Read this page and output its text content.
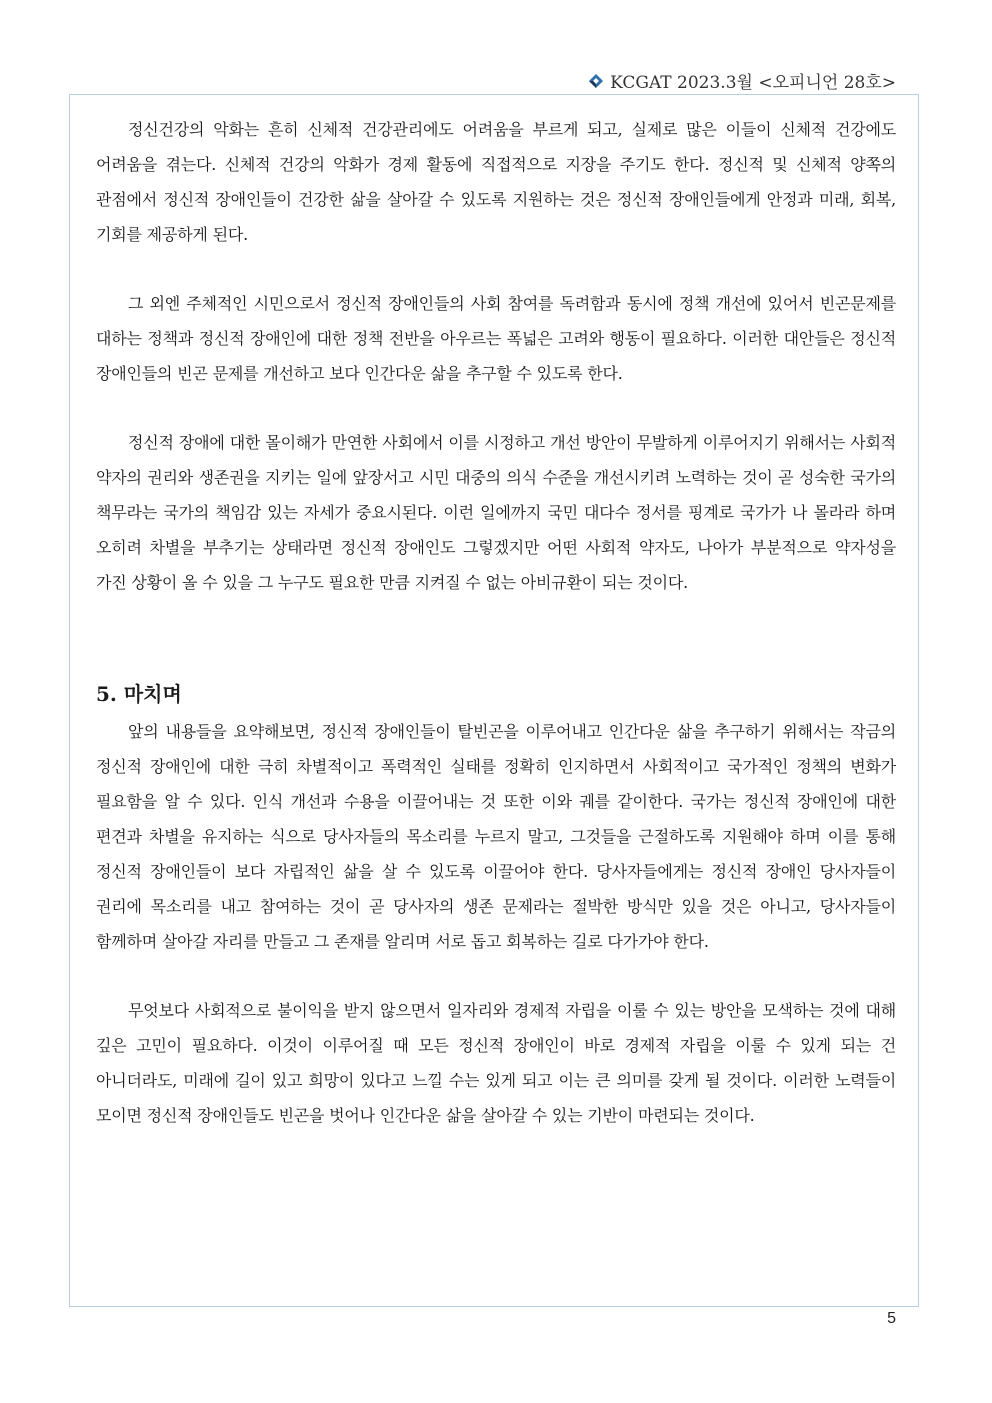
KCGAT 2023.3월 <오피니언 28호>

정신건강의 악화는 흔히 신체적 건강관리에도 어려움을 부르게 되고, 실제로 많은 이들이 신체적 건강에도 어려움을 겪는다. 신체적 건강의 악화가 경제 활동에 직접적으로 지장을 주기도 한다. 정신적 및 신체적 양쪽의 관점에서 정신적 장애인들이 건강한 삶을 살아갈 수 있도록 지원하는 것은 정신적 장애인들에게 안정과 미래, 회복, 기회를 제공하게 된다.

그 외엔 주체적인 시민으로서 정신적 장애인들의 사회 참여를 독려함과 동시에 정책 개선에 있어서 빈곤문제를 대하는 정책과 정신적 장애인에 대한 정책 전반을 아우르는 폭넓은 고려와 행동이 필요하다. 이러한 대안들은 정신적 장애인들의 빈곤 문제를 개선하고 보다 인간다운 삶을 추구할 수 있도록 한다.

정신적 장애에 대한 몰이해가 만연한 사회에서 이를 시정하고 개선 방안이 무발하게 이루어지기 위해서는 사회적 약자의 권리와 생존권을 지키는 일에 앞장서고 시민 대중의 의식 수준을 개선시키려 노력하는 것이 곧 성숙한 국가의 책무라는 국가의 책임감 있는 자세가 중요시된다. 이런 일에까지 국민 대다수 정서를 핑계로 국가가 나 몰라라 하며 오히려 차별을 부추기는 상태라면 정신적 장애인도 그렇겠지만 어떤 사회적 약자도, 나아가 부분적으로 약자성을 가진 상황이 올 수 있을 그 누구도 필요한 만큼 지켜질 수 없는 아비규환이 되는 것이다.

5. 마치며

앞의 내용들을 요약해보면, 정신적 장애인들이 탈빈곤을 이루어내고 인간다운 삶을 추구하기 위해서는 작금의 정신적 장애인에 대한 극히 차별적이고 폭력적인 실태를 정확히 인지하면서 사회적이고 국가적인 정책의 변화가 필요함을 알 수 있다. 인식 개선과 수용을 이끌어내는 것 또한 이와 궤를 같이한다. 국가는 정신적 장애인에 대한 편견과 차별을 유지하는 식으로 당사자들의 목소리를 누르지 말고, 그것들을 근절하도록 지원해야 하며 이를 통해 정신적 장애인들이 보다 자립적인 삶을 살 수 있도록 이끌어야 한다. 당사자들에게는 정신적 장애인 당사자들이 권리에 목소리를 내고 참여하는 것이 곧 당사자의 생존 문제라는 절박한 방식만 있을 것은 아니고, 당사자들이 함께하며 살아갈 자리를 만들고 그 존재를 알리며 서로 돕고 회복하는 길로 다가가야 한다.

무엇보다 사회적으로 불이익을 받지 않으면서 일자리와 경제적 자립을 이룰 수 있는 방안을 모색하는 것에 대해 깊은 고민이 필요하다. 이것이 이루어질 때 모든 정신적 장애인이 바로 경제적 자립을 이룰 수 있게 되는 건 아니더라도, 미래에 길이 있고 희망이 있다고 느낄 수는 있게 되고 이는 큰 의미를 갖게 될 것이다. 이러한 노력들이 모이면 정신적 장애인들도 빈곤을 벗어나 인간다운 삶을 살아갈 수 있는 기반이 마련되는 것이다.

5
